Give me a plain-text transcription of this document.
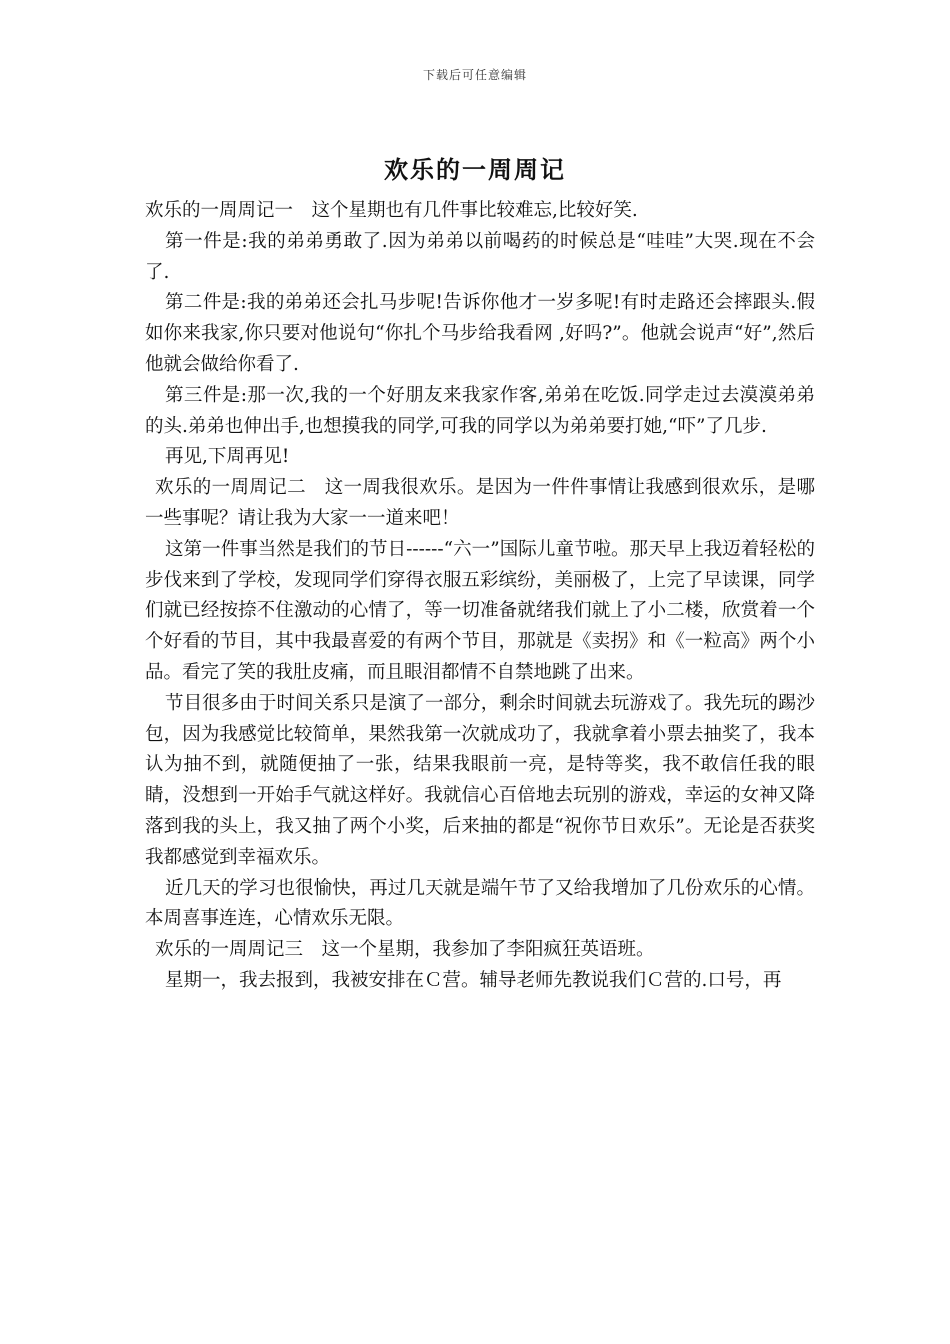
下载后可任意编辑
欢乐的一周周记

欢乐的一周周记一　这个星期也有几件事比较难忘,比较好笑.

第一件是:我的弟弟勇敢了.因为弟弟以前喝药的时候总是“哇哇”大哭.现在不会了.

第二件是:我的弟弟还会扎马步呢!告诉你他才一岁多呢!有时走路还会摔跟头.假如你来我家,你只要对他说句“你扎个马步给我看网 ,好吗?”。他就会说声“好”,然后他就会做给你看了.

第三件是:那一次,我的一个好朋友来我家作客,弟弟在吃饭.同学走过去漠漠弟弟的头.弟弟也伸出手,也想摸我的同学,可我的同学以为弟弟要打她,“吓”了几步.

再见,下周再见!

欢乐的一周周记二　这一周我很欢乐。是因为一件件事情让我感到很欢乐，是哪一些事呢？请让我为大家一一道来吧！

这第一件事当然是我们的节日------“六一”国际儿童节啦。那天早上我迈着轻松的步伐来到了学校，发现同学们穿得衣服五彩缤纷，美丽极了，上完了早读课，同学们就已经按捺不住激动的心情了，等一切准备就绪我们就上了小二楼，欣赏着一个个好看的节目，其中我最喜爱的有两个节目，那就是《卖拐》和《一粒高》两个小品。看完了笑的我肚皮痛，而且眼泪都情不自禁地跳了出来。

节目很多由于时间关系只是演了一部分，剩余时间就去玩游戏了。我先玩的踢沙包，因为我感觉比较简单，果然我第一次就成功了，我就拿着小票去抽奖了，我本认为抽不到，就随便抽了一张，结果我眼前一亮，是特等奖，我不敢信任我的眼睛，没想到一开始手气就这样好。我就信心百倍地去玩别的游戏，幸运的女神又降落到我的头上，我又抽了两个小奖，后来抽的都是“祝你节日欢乐”。无论是否获奖我都感觉到幸福欢乐。

近几天的学习也很愉快，再过几天就是端午节了又给我增加了几份欢乐的心情。本周喜事连连，心情欢乐无限。

欢乐的一周周记三　这一个星期，我参加了李阳疯狂英语班。

星期一，我去报到，我被安排在Ｃ营。辅导老师先教说我们Ｃ营的.口号，再
